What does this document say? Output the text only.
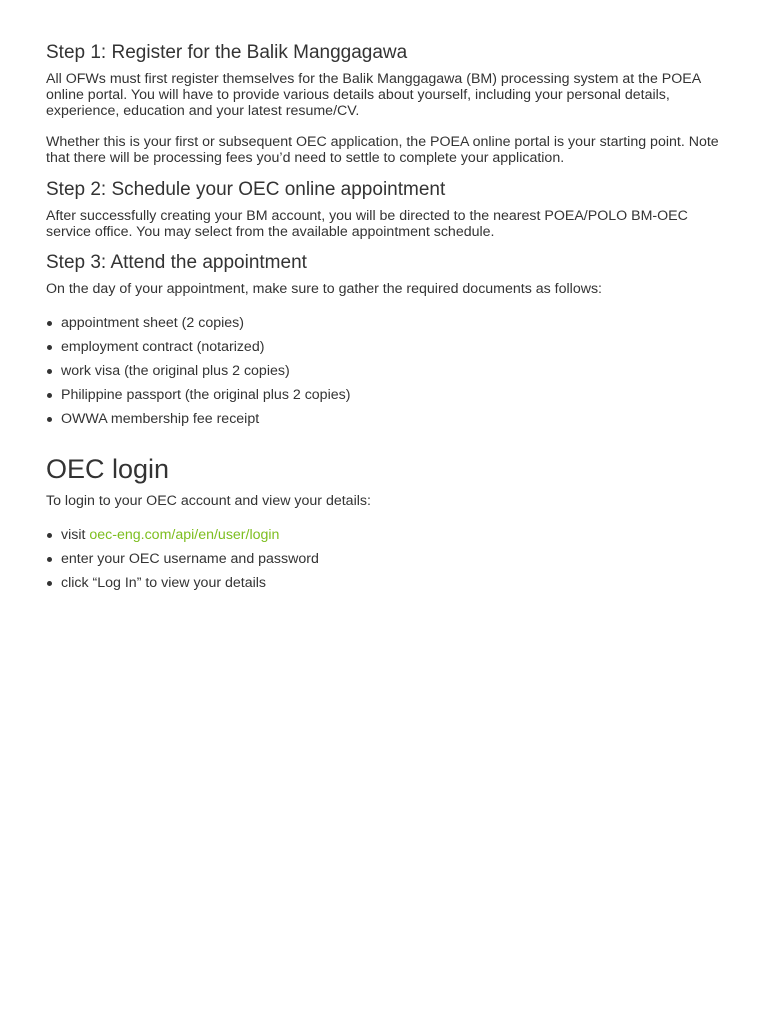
Step 1: Register for the Balik Manggagawa

All OFWs must first register themselves for the Balik Manggagawa (BM) processing system at the POEA online portal. You will have to provide various details about yourself, including your personal details, experience, education and your latest resume/CV.

Whether this is your first or subsequent OEC application, the POEA online portal is your starting point. Note that there will be processing fees you’d need to settle to complete your application.

Step 2: Schedule your OEC online appointment

After successfully creating your BM account, you will be directed to the nearest POEA/POLO BM-OEC service office. You may select from the available appointment schedule.

Step 3: Attend the appointment

On the day of your appointment, make sure to gather the required documents as follows:

appointment sheet (2 copies)
employment contract (notarized)
work visa (the original plus 2 copies)
Philippine passport (the original plus 2 copies)
OWWA membership fee receipt
OEC login

To login to your OEC account and view your details:

visit oec-eng.com/api/en/user/login
enter your OEC username and password
click “Log In” to view your details
